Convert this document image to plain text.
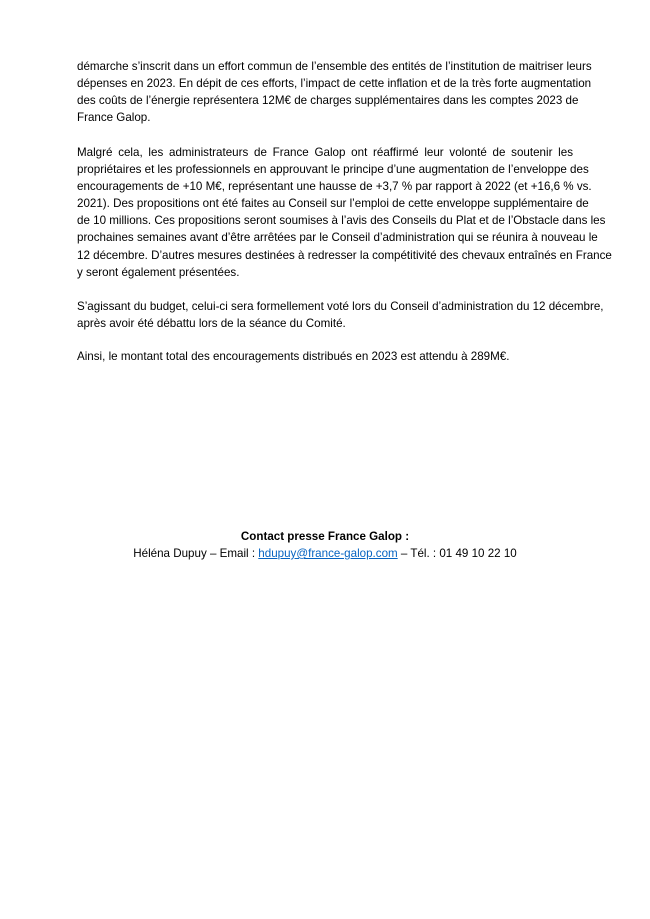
démarche s’inscrit dans un effort commun de l’ensemble des entités de l’institution de maitriser leurs
dépenses en 2023. En dépit de ces efforts, l’impact de cette inflation et de la très forte augmentation
des coûts de l’énergie représentera 12M€ de charges supplémentaires dans les comptes 2023 de
France Galop.

Malgré cela, les administrateurs de France Galop ont réaffirmé leur volonté de soutenir les
propriétaires et les professionnels en approuvant le principe d’une augmentation de l’enveloppe des
encouragements de +10 M€, représentant une hausse de +3,7 % par rapport à 2022 (et +16,6 % vs.
2021). Des propositions ont été faites au Conseil sur l’emploi de cette enveloppe supplémentaire de
de 10 millions. Ces propositions seront soumises à l’avis des Conseils du Plat et de l’Obstacle dans les
prochaines semaines avant d’être arrêtées par le Conseil d’administration qui se réunira à nouveau le
12 décembre. D’autres mesures destinées à redresser la compétitivité des chevaux entraînés en France
y seront également présentées.

S’agissant du budget, celui-ci sera formellement voté lors du Conseil d’administration du 12 décembre,
après avoir été débattu lors de la séance du Comité.

Ainsi, le montant total des encouragements distribués en 2023 est attendu à 289M€.

Contact presse France Galop :
Héléna Dupuy – Email : hdupuy@france-galop.com – Tél. : 01 49 10 22 10
